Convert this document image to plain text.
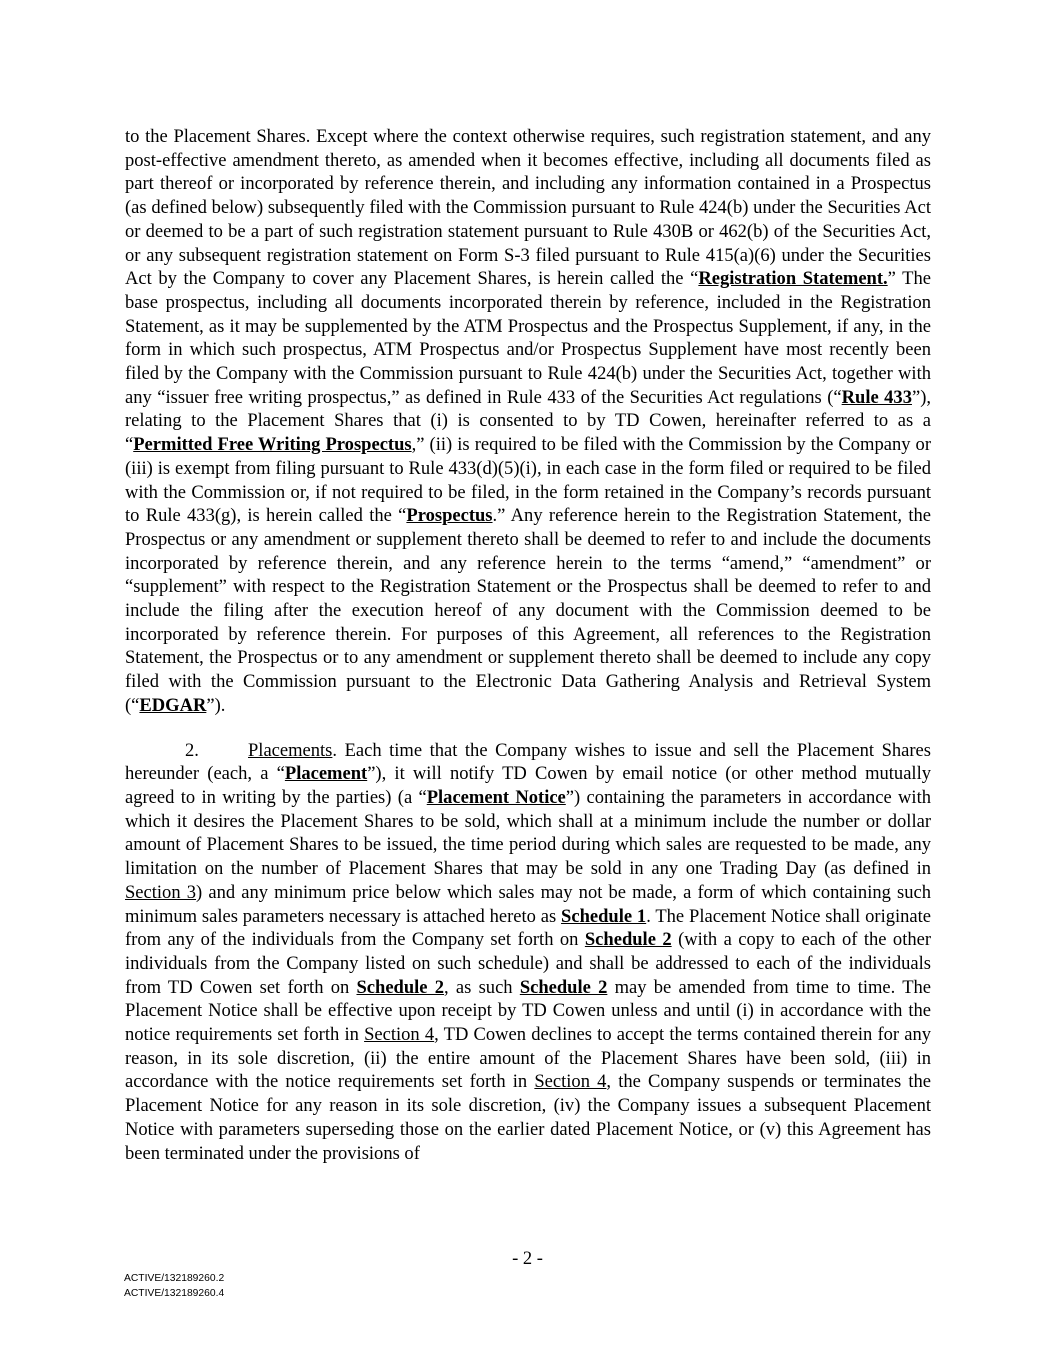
to the Placement Shares. Except where the context otherwise requires, such registration statement, and any post-effective amendment thereto, as amended when it becomes effective, including all documents filed as part thereof or incorporated by reference therein, and including any information contained in a Prospectus (as defined below) subsequently filed with the Commission pursuant to Rule 424(b) under the Securities Act or deemed to be a part of such registration statement pursuant to Rule 430B or 462(b) of the Securities Act, or any subsequent registration statement on Form S-3 filed pursuant to Rule 415(a)(6) under the Securities Act by the Company to cover any Placement Shares, is herein called the “Registration Statement.” The base prospectus, including all documents incorporated therein by reference, included in the Registration Statement, as it may be supplemented by the ATM Prospectus and the Prospectus Supplement, if any, in the form in which such prospectus, ATM Prospectus and/or Prospectus Supplement have most recently been filed by the Company with the Commission pursuant to Rule 424(b) under the Securities Act, together with any “issuer free writing prospectus,” as defined in Rule 433 of the Securities Act regulations (“Rule 433”), relating to the Placement Shares that (i) is consented to by TD Cowen, hereinafter referred to as a “Permitted Free Writing Prospectus,” (ii) is required to be filed with the Commission by the Company or (iii) is exempt from filing pursuant to Rule 433(d)(5)(i), in each case in the form filed or required to be filed with the Commission or, if not required to be filed, in the form retained in the Company’s records pursuant to Rule 433(g), is herein called the “Prospectus.” Any reference herein to the Registration Statement, the Prospectus or any amendment or supplement thereto shall be deemed to refer to and include the documents incorporated by reference therein, and any reference herein to the terms “amend,” “amendment” or “supplement” with respect to the Registration Statement or the Prospectus shall be deemed to refer to and include the filing after the execution hereof of any document with the Commission deemed to be incorporated by reference therein. For purposes of this Agreement, all references to the Registration Statement, the Prospectus or to any amendment or supplement thereto shall be deemed to include any copy filed with the Commission pursuant to the Electronic Data Gathering Analysis and Retrieval System (“EDGAR”).

2.	Placements. Each time that the Company wishes to issue and sell the Placement Shares hereunder (each, a “Placement”), it will notify TD Cowen by email notice (or other method mutually agreed to in writing by the parties) (a “Placement Notice”) containing the parameters in accordance with which it desires the Placement Shares to be sold, which shall at a minimum include the number or dollar amount of Placement Shares to be issued, the time period during which sales are requested to be made, any limitation on the number of Placement Shares that may be sold in any one Trading Day (as defined in Section 3) and any minimum price below which sales may not be made, a form of which containing such minimum sales parameters necessary is attached hereto as Schedule 1. The Placement Notice shall originate from any of the individuals from the Company set forth on Schedule 2 (with a copy to each of the other individuals from the Company listed on such schedule) and shall be addressed to each of the individuals from TD Cowen set forth on Schedule 2, as such Schedule 2 may be amended from time to time. The Placement Notice shall be effective upon receipt by TD Cowen unless and until (i) in accordance with the notice requirements set forth in Section 4, TD Cowen declines to accept the terms contained therein for any reason, in its sole discretion, (ii) the entire amount of the Placement Shares have been sold, (iii) in accordance with the notice requirements set forth in Section 4, the Company suspends or terminates the Placement Notice for any reason in its sole discretion, (iv) the Company issues a subsequent Placement Notice with parameters superseding those on the earlier dated Placement Notice, or (v) this Agreement has been terminated under the provisions of

- 2 -
ACTIVE/132189260.2
ACTIVE/132189260.4
